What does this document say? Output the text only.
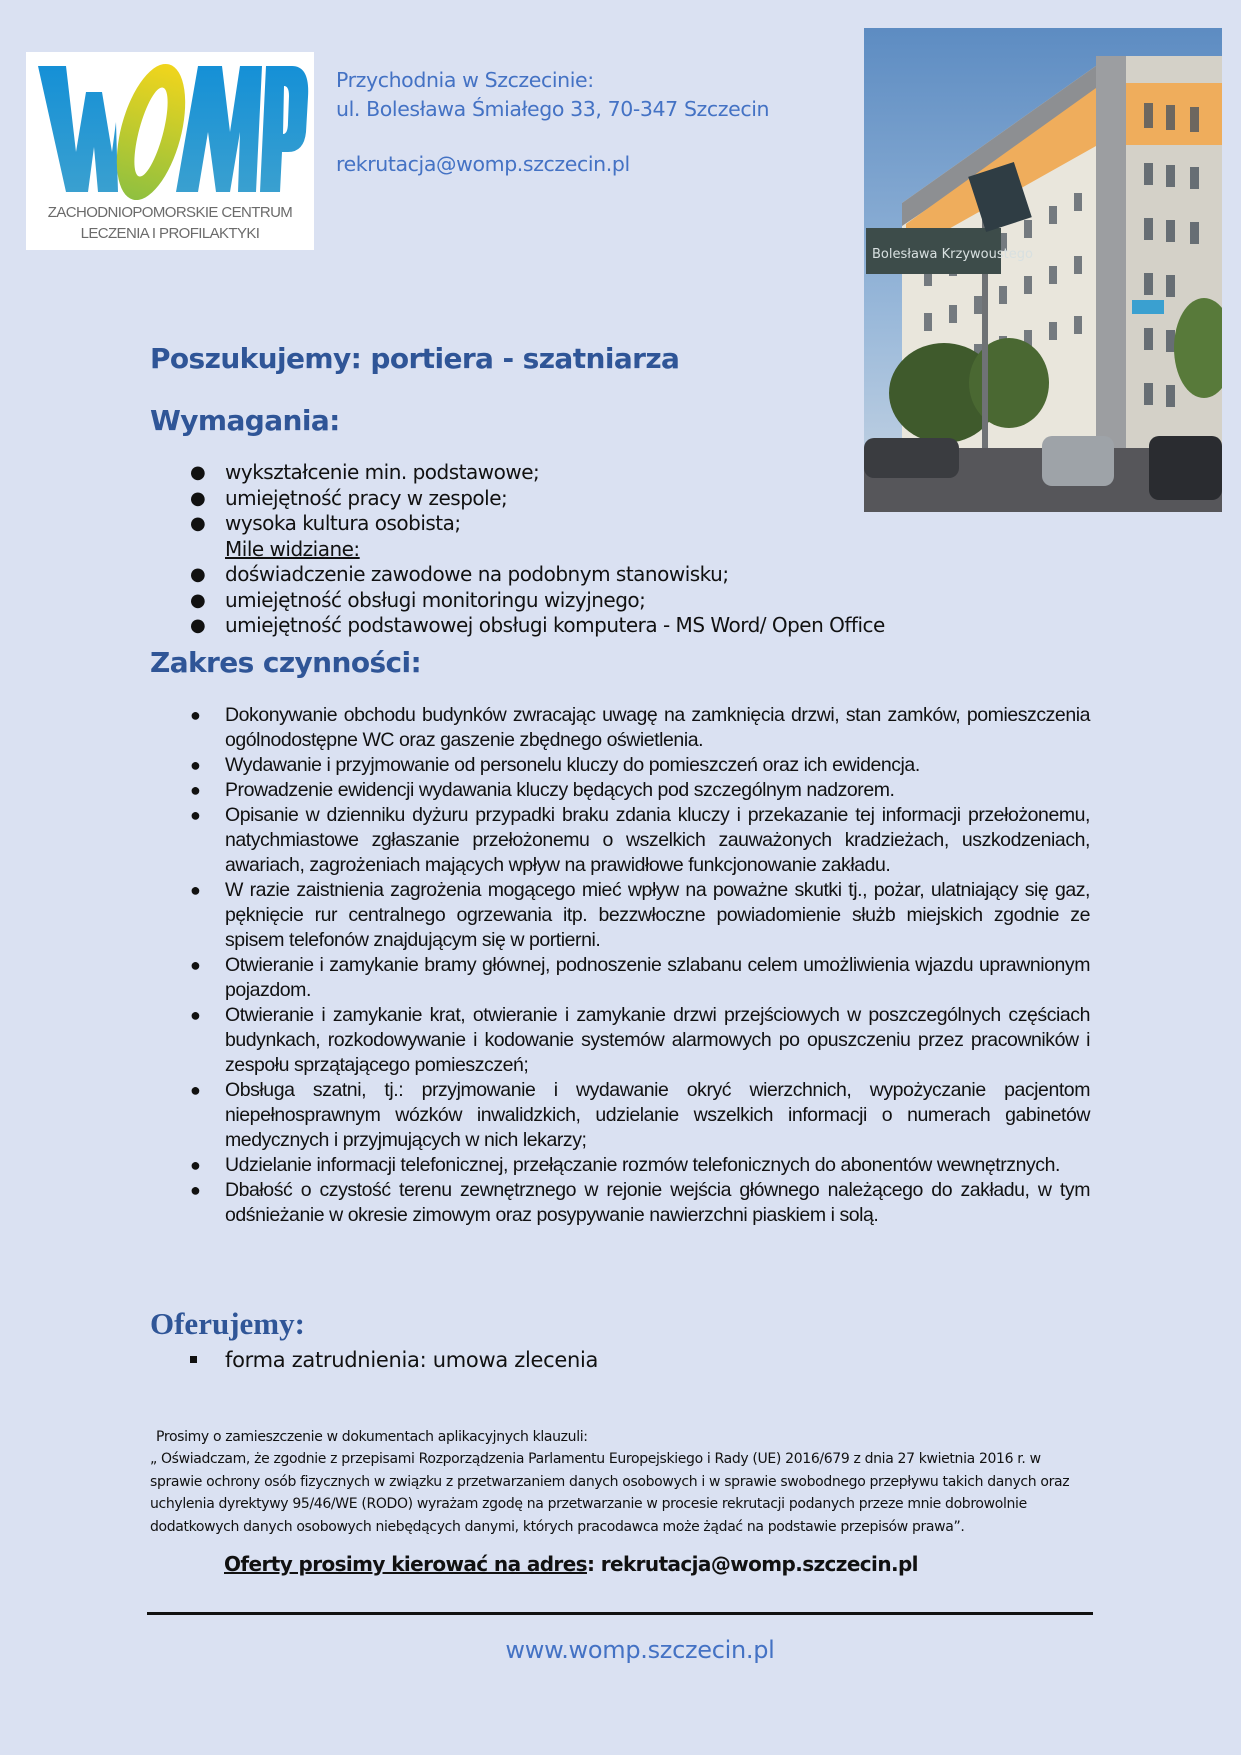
ZACHODNIOPOMORSKIE CENTRUM
LECZENIA I PROFILAKTYKI
Przychodnia w Szczecinie:
ul. Bolesława Śmiałego 33, 70-347 Szczecin
rekrutacja@womp.szczecin.pl
Bolesława Krzywoustego
Poszukujemy: portiera - szatniarza
Wymagania:
● wykształcenie min. podstawowe;
● umiejętność pracy w zespole;
● wysoka kultura osobista;
Mile widziane:
● doświadczenie zawodowe na podobnym stanowisku;
● umiejętność obsługi monitoringu wizyjnego;
● umiejętność podstawowej obsługi komputera - MS Word/ Open Office
Zakres czynności:
● Dokonywanie obchodu budynków zwracając uwagę na zamknięcia drzwi, stan zamków, pomieszczenia ogólnodostępne WC oraz gaszenie zbędnego oświetlenia.
● Wydawanie i przyjmowanie od personelu kluczy do pomieszczeń oraz ich ewidencja.
● Prowadzenie ewidencji wydawania kluczy będących pod szczególnym nadzorem.
● Opisanie w dzienniku dyżuru przypadki braku zdania kluczy i przekazanie tej informacji przełożonemu, natychmiastowe zgłaszanie przełożonemu o wszelkich zauważonych kradzieżach, uszkodzeniach, awariach, zagrożeniach mających wpływ na prawidłowe funkcjonowanie zakładu.
● W razie zaistnienia zagrożenia mogącego mieć wpływ na poważne skutki tj., pożar, ulatniający się gaz, pęknięcie rur centralnego ogrzewania itp. bezzwłoczne powiadomienie służb miejskich zgodnie ze spisem telefonów znajdującym się w portierni.
● Otwieranie i zamykanie bramy głównej, podnoszenie szlabanu celem umożliwienia wjazdu uprawnionym pojazdom.
● Otwieranie i zamykanie krat, otwieranie i zamykanie drzwi przejściowych w poszczególnych częściach budynkach, rozkodowywanie i kodowanie systemów alarmowych po opuszczeniu przez pracowników i zespołu sprzątającego pomieszczeń;
● Obsługa szatni, tj.: przyjmowanie i wydawanie okryć wierzchnich, wypożyczanie pacjentom niepełnosprawnym wózków inwalidzkich, udzielanie wszelkich informacji o numerach gabinetów medycznych i przyjmujących w nich lekarzy;
● Udzielanie informacji telefonicznej, przełączanie rozmów telefonicznych do abonentów wewnętrznych.
● Dbałość o czystość terenu zewnętrznego w rejonie wejścia głównego należącego do zakładu, w tym odśnieżanie w okresie zimowym oraz posypywanie nawierzchni piaskiem i solą.
Oferujemy:
forma zatrudnienia: umowa zlecenia
Prosimy o zamieszczenie w dokumentach aplikacyjnych klauzuli:
„ Oświadczam, że zgodnie z przepisami Rozporządzenia Parlamentu Europejskiego i Rady (UE) 2016/679 z dnia 27 kwietnia 2016 r. w sprawie ochrony osób fizycznych w związku z przetwarzaniem danych osobowych i w sprawie swobodnego przepływu takich danych oraz uchylenia dyrektywy 95/46/WE (RODO) wyrażam zgodę na przetwarzanie w procesie rekrutacji podanych przeze mnie dobrowolnie dodatkowych danych osobowych niebędących danymi, których pracodawca może żądać na podstawie przepisów prawa”.
Oferty prosimy kierować na adres: rekrutacja@womp.szczecin.pl
www.womp.szczecin.pl
